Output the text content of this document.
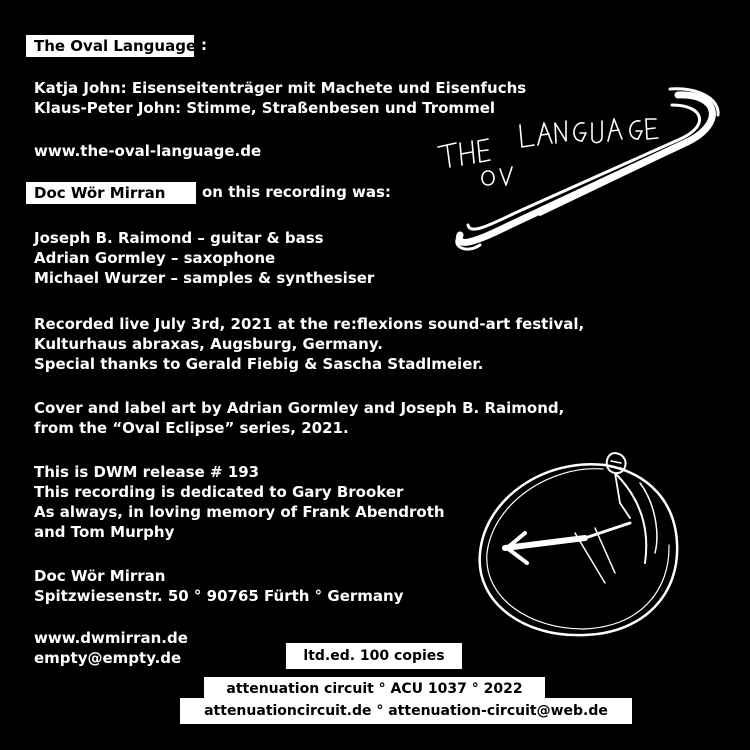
The Oval Language :
Katja John: Eisenseitenträger mit Machete und Eisenfuchs
Klaus-Peter John: Stimme, Straßenbesen und Trommel
www.the-oval-language.de
Doc Wör Mirran	on this recording was:
Joseph B. Raimond – guitar & bass
Adrian Gormley – saxophone
Michael Wurzer – samples & synthesiser
Recorded live July 3rd, 2021 at the re:flexions sound-art festival,
Kulturhaus abraxas, Augsburg, Germany.
Special thanks to Gerald Fiebig & Sascha Stadlmeier.
Cover and label art by Adrian Gormley and Joseph B. Raimond,
from the “Oval Eclipse” series, 2021.
This is DWM release # 193
This recording is dedicated to Gary Brooker
As always, in loving memory of Frank Abendroth
and Tom Murphy
Doc Wör Mirran
Spitzwiesenstr. 50 ° 90765 Fürth ° Germany
www.dwmirran.de
empty@empty.de	ltd.ed. 100 copies
attenuation circuit ° ACU 1037 ° 2022
attenuationcircuit.de ° attenuation-circuit@web.de
